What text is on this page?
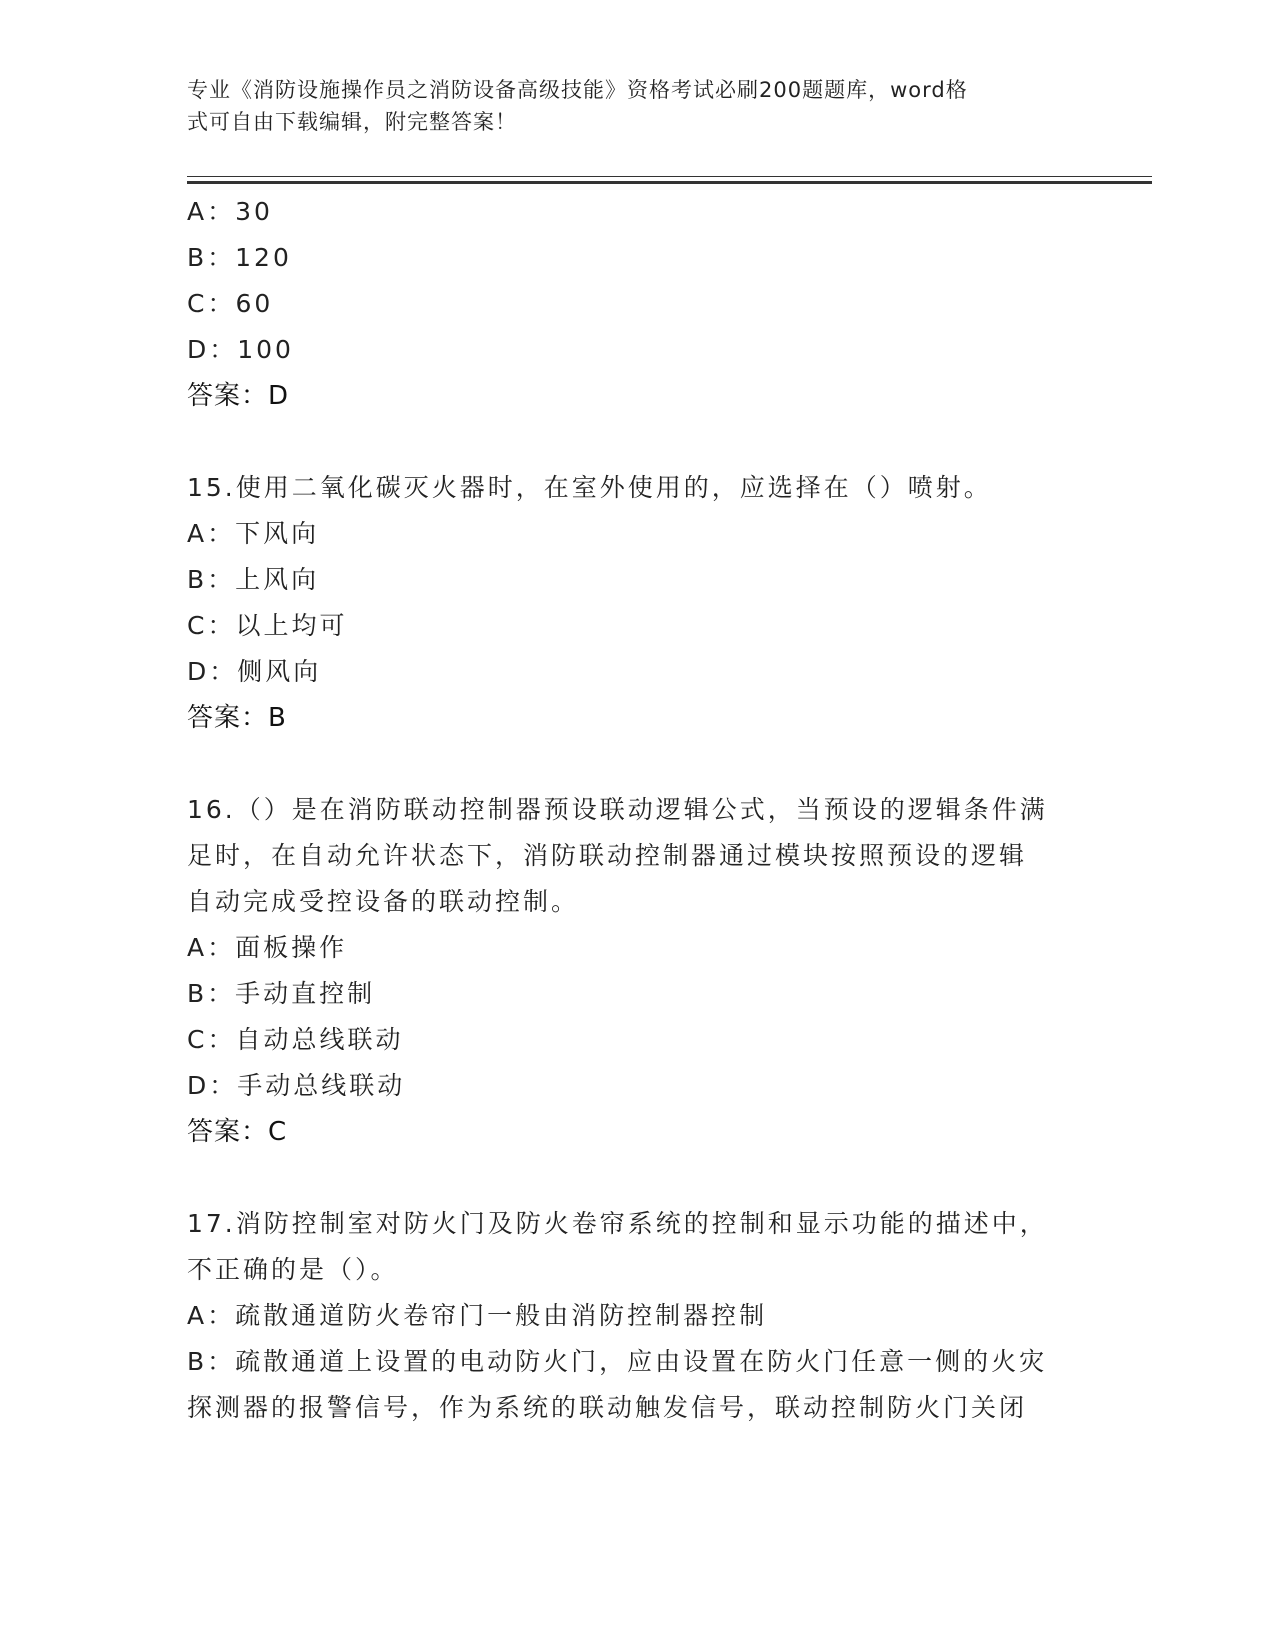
专业《消防设施操作员之消防设备高级技能》资格考试必刷200题题库，word格
式可自由下载编辑，附完整答案！
A：30
B：120
C：60
D：100
答案：D
15.使用二氧化碳灭火器时，在室外使用的，应选择在（）喷射。
A：下风向
B：上风向
C：以上均可
D：侧风向
答案：B
16.（）是在消防联动控制器预设联动逻辑公式，当预设的逻辑条件满
足时，在自动允许状态下，消防联动控制器通过模块按照预设的逻辑
自动完成受控设备的联动控制。
A：面板操作
B：手动直控制
C：自动总线联动
D：手动总线联动
答案：C
17.消防控制室对防火门及防火卷帘系统的控制和显示功能的描述中，
不正确的是（）。
A：疏散通道防火卷帘门一般由消防控制器控制
B：疏散通道上设置的电动防火门，应由设置在防火门任意一侧的火灾
探测器的报警信号，作为系统的联动触发信号，联动控制防火门关闭
